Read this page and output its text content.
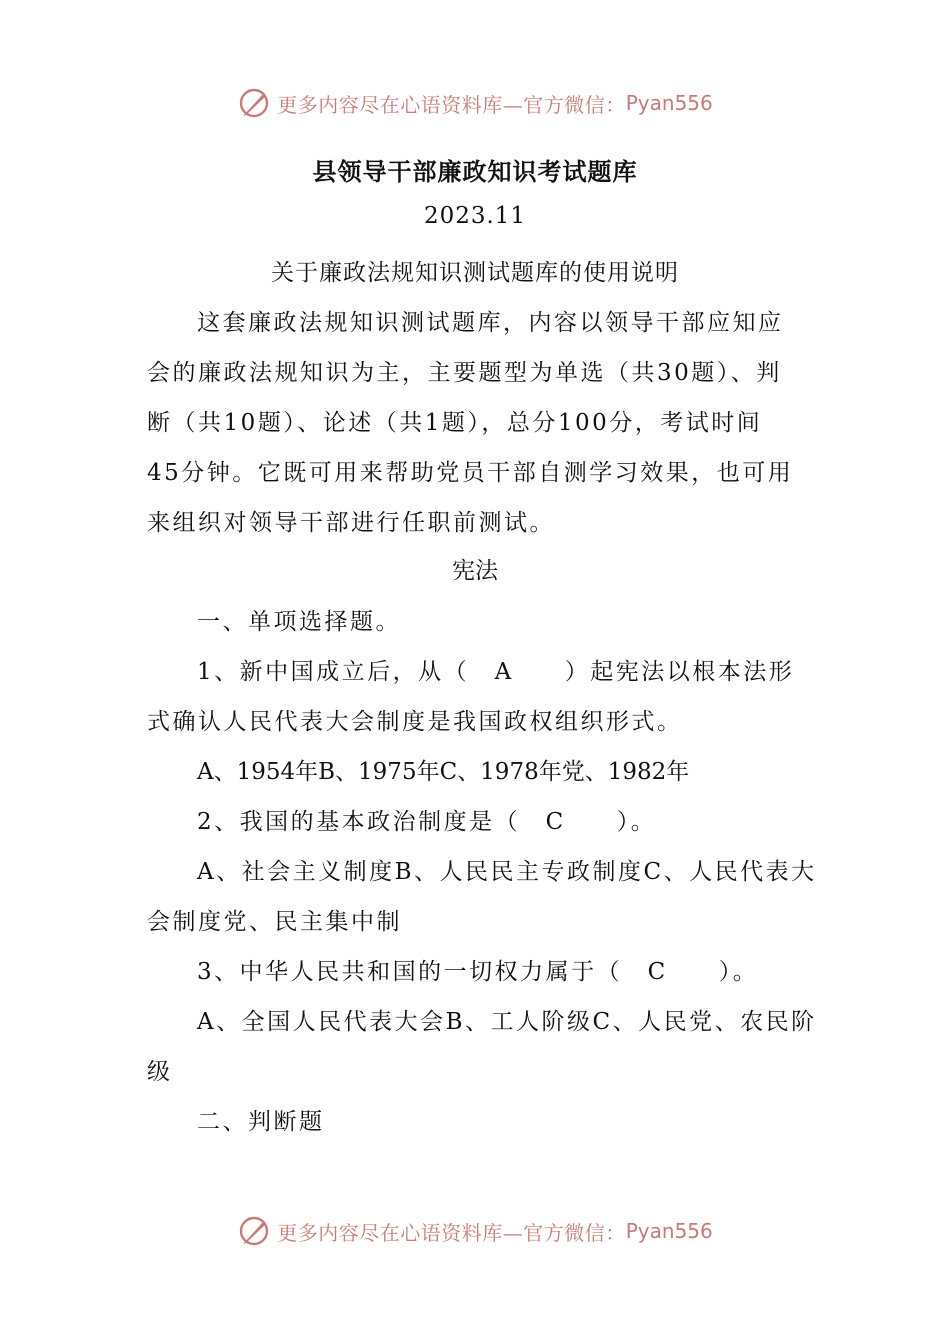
更多内容尽在心语资料库—官方微信： Pyan556
县领导干部廉政知识考试题库
2023.11
关于廉政法规知识测试题库的使用说明
这套廉政法规知识测试题库，内容以领导干部应知应
会的廉政法规知识为主，主要题型为单选（共30题）、判
断（共10题）、论述（共1题），总分100分，考试时间
45分钟。它既可用来帮助党员干部自测学习效果，也可用
来组织对领导干部进行任职前测试。
宪法
一、单项选择题。
1、新中国成立后，从（　A　　）起宪法以根本法形
式确认人民代表大会制度是我国政权组织形式。
A、1954年B、1975年C、1978年党、1982年
2、我国的基本政治制度是（　C　　）。
A、社会主义制度B、人民民主专政制度C、人民代表大
会制度党、民主集中制
3、中华人民共和国的一切权力属于（　C　　）。
A、全国人民代表大会B、工人阶级C、人民党、农民阶
级
二、判断题
更多内容尽在心语资料库—官方微信： Pyan556
